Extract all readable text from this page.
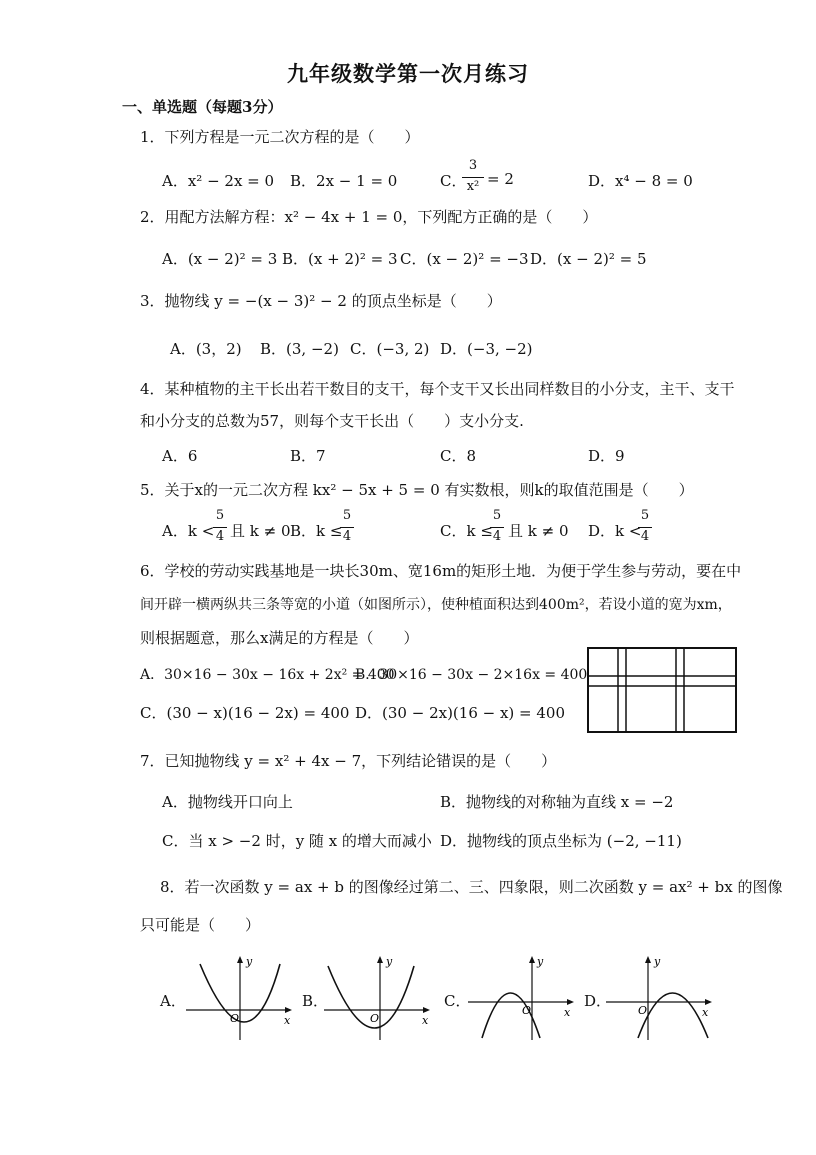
九年级数学第一次月练习
一、单选题（每题3分）
1．下列方程是一元二次方程的是（　　）
A．x² − 2x = 0 B．2x − 1 = 0	C．
3
x² = 2	D．x⁴ − 8 = 0
2．用配方法解方程：x² − 4x + 1 = 0，下列配方正确的是（　　）
A．(x − 2)² = 3 B．(x + 2)² = 3 C．(x − 2)² = −3 D．(x − 2)² = 5
3．抛物线 y = −(x − 3)² − 2 的顶点坐标是（　　）
A．(3，2) B．(3, −2) C．(−3, 2) D．(−3, −2)
4．某种植物的主干长出若干数目的支干，每个支干又长出同样数目的小分支，主干、支干
和小分支的总数为57，则每个支干长出（　　）支小分支.
A．6	B．7	C．8	D．9
5．关于x的一元二次方程 kx² − 5x + 5 = 0 有实数根，则k的取值范围是（　　）
A．k <
5
4 且 k ≠ 0 B．k ≤
5
4	C．k ≤
5
4 且 k ≠ 0 D．k <
5
4
6．学校的劳动实践基地是一块长30m、宽16m的矩形土地．为便于学生参与劳动，要在中
间开辟一横两纵共三条等宽的小道（如图所示），使种植面积达到400m²，若设小道的宽为xm，
则根据题意，那么x满足的方程是（　　）
A．30×16 − 30x − 16x + 2x² = 400
B．30×16 − 30x − 2×16x = 400
C．(30 − x)(16 − 2x) = 400 D．(30 − 2x)(16 − x) = 400
7．已知抛物线 y = x² + 4x − 7，下列结论错误的是（　　）
A．抛物线开口向上	B．抛物线的对称轴为直线 x = −2
C．当 x > −2 时，y 随 x 的增大而减小 D．抛物线的顶点坐标为 (−2, −11)
8．若一次函数 y = ax + b 的图像经过第二、三、四象限，则二次函数 y = ax² + bx 的图像
只可能是（　　）
A．	B．	C．	D．
y
x
O
y
x
O
y
x
O
y
x
O
